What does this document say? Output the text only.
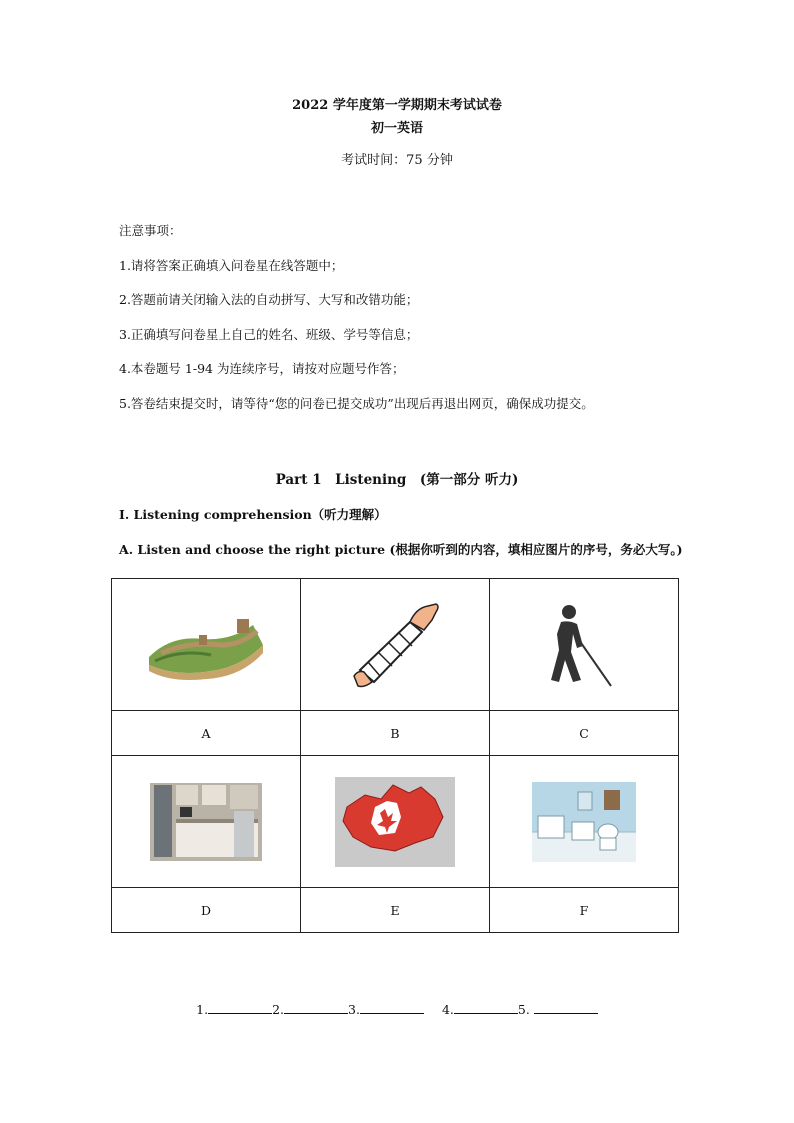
2022 学年度第一学期期末考试试卷
初一英语
考试时间：75 分钟
注意事项：
1.请将答案正确填入问卷星在线答题中；
2.答题前请关闭输入法的自动拼写、大写和改错功能；
3.正确填写问卷星上自己的姓名、班级、学号等信息；
4.本卷题号 1-94 为连续序号，请按对应题号作答；
5.答卷结束提交时，请等待“您的问卷已提交成功”出现后再退出网页，确保成功提交。
Part 1　Listening　(第一部分 听力)
I. Listening comprehension（听力理解）
A. Listen and choose the right picture (根据你听到的内容，填相应图片的序号，务必大写。)

A	B	C

D	E	F
1.	2.	3.	4.	5.
